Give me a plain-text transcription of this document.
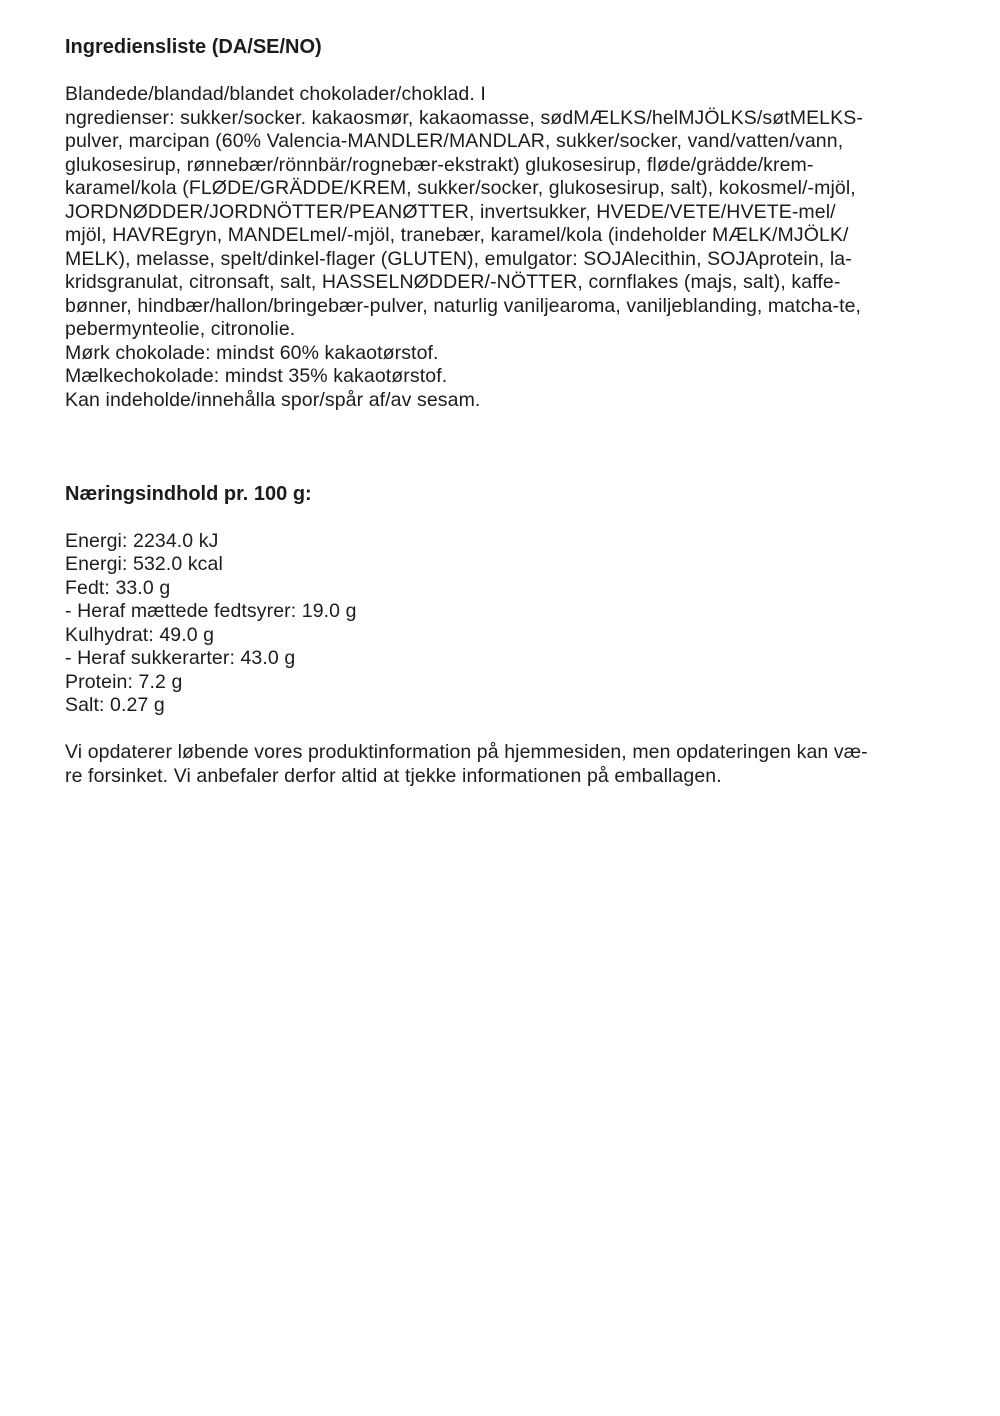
Ingrediensliste (DA/SE/NO)
Blandede/blandad/blandet chokolader/choklad. I
ngredienser: sukker/socker. kakaosmør, kakaomasse, sødMÆLKS/helMJÖLKS/søtMELKS-
pulver, marcipan (60% Valencia-MANDLER/MANDLAR, sukker/socker, vand/vatten/vann,
glukosesirup, rønnebær/rönnbär/rognebær-ekstrakt) glukosesirup, fløde/grädde/krem-
karamel/kola (FLØDE/GRÄDDE/KREM, sukker/socker, glukosesirup, salt), kokosmel/-mjöl,
JORDNØDDER/JORDNÖTTER/PEANØTTER, invertsukker, HVEDE/VETE/HVETE-mel/
mjöl, HAVREgryn, MANDELmel/-mjöl, tranebær, karamel/kola (indeholder MÆLK/MJÖLK/
MELK), melasse, spelt/dinkel-flager (GLUTEN), emulgator: SOJAlecithin, SOJAprotein, la-
kridsgranulat, citronsaft, salt, HASSELNØDDER/-NÖTTER, cornflakes (majs, salt), kaffe-
bønner, hindbær/hallon/bringebær-pulver, naturlig vaniljearoma, vaniljeblanding, matcha-te,
pebermynteolie, citronolie.
Mørk chokolade: mindst 60% kakaotørstof.
Mælkechokolade: mindst 35% kakaotørstof.
Kan indeholde/innehålla spor/spår af/av sesam.
Næringsindhold pr. 100 g:
Energi: 2234.0 kJ
Energi: 532.0 kcal
Fedt: 33.0 g
- Heraf mættede fedtsyrer: 19.0 g
Kulhydrat: 49.0 g
- Heraf sukkerarter: 43.0 g
Protein: 7.2 g
Salt: 0.27 g
Vi opdaterer løbende vores produktinformation på hjemmesiden, men opdateringen kan væ-
re forsinket. Vi anbefaler derfor altid at tjekke informationen på emballagen.
